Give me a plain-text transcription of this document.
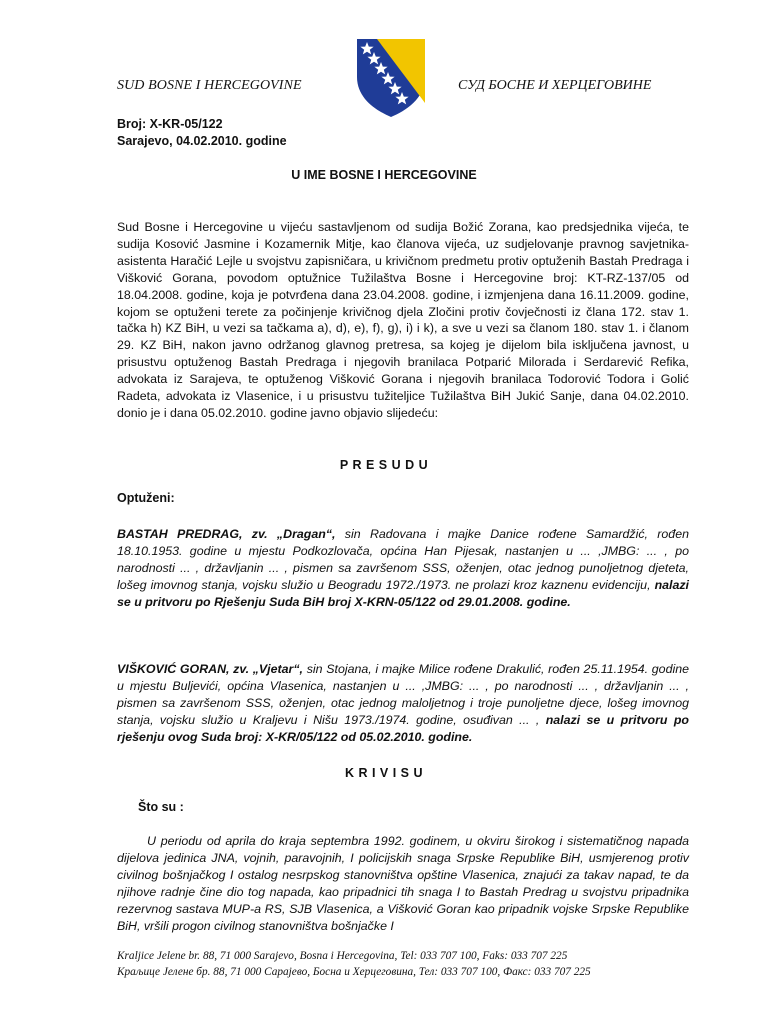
SUD BOSNE I HERCEGOVINE	СУД БОСНЕ И ХЕРЦЕГОВИНЕ
Broj: X-KR-05/122
Sarajevo, 04.02.2010. godine
U IME BOSNE I HERCEGOVINE
Sud Bosne i Hercegovine u vijeću sastavljenom od sudija Božić Zorana, kao predsjednika vijeća, te sudija Kosović Jasmine i Kozamernik Mitje, kao članova vijeća, uz sudjelovanje pravnog savjetnika- asistenta Haračić Lejle u svojstvu zapisničara, u krivičnom predmetu protiv optuženih Bastah Predraga i Višković Gorana, povodom optužnice Tužilaštva Bosne i Hercegovine broj: KT-RZ-137/05 od 18.04.2008. godine, koja je potvrđena dana 23.04.2008. godine, i izmjenjena dana 16.11.2009. godine, kojom se optuženi terete za počinjenje krivičnog djela Zločini protiv čovječnosti iz člana 172. stav 1. tačka h) KZ BiH, u vezi sa tačkama a), d), e), f), g), i) i k), a sve u vezi sa članom 180. stav 1. i članom 29. KZ BiH, nakon javno održanog glavnog pretresa, sa kojeg je dijelom bila isključena javnost, u prisustvu optuženog Bastah Predraga i njegovih branilaca Potparić Milorada i Serdarević Refika, advokata iz Sarajeva, te optuženog Višković Gorana i njegovih branilaca Todorović Todora i Golić Radeta, advokata iz Vlasenice, i u prisustvu tužiteljice Tužilaštva BiH Jukić Sanje, dana 04.02.2010. donio je i dana 05.02.2010. godine javno objavio slijedeću:
P R E S U D U
Optuženi:
BASTAH PREDRAG, zv. „Dragan“, sin Radovana i majke Danice rođene Samardžić, rođen 18.10.1953. godine u mjestu Podkozlovača, općina Han Pijesak, nastanjen u ... ,JMBG: ... , po narodnosti ... , državljanin ... , pismen sa završenom SSS, oženjen, otac jednog punoljetnog djeteta, lošeg imovnog stanja, vojsku služio u Beogradu 1972./1973. ne prolazi kroz kaznenu evidenciju, nalazi se u pritvoru po Rješenju Suda BiH broj X-KRN-05/122 od 29.01.2008. godine.
VIŠKOVIĆ GORAN, zv. „Vjetar“, sin Stojana, i majke Milice rođene Drakulić, rođen 25.11.1954. godine u mjestu Buljevići, općina Vlasenica, nastanjen u ... ,JMBG: ... , po narodnosti ... , državljanin ... , pismen sa završenom SSS, oženjen, otac jednog maloljetnog i troje punoljetne djece, lošeg imovnog stanja, vojsku služio u Kraljevu i Nišu 1973./1974. godine, osuđivan ... , nalazi se u pritvoru po rješenju ovog Suda broj: X-KR/05/122 od 05.02.2010. godine.
K R I V I S U
Što su :
U periodu od aprila do kraja septembra 1992. godinem, u okviru širokog i sistematičnog napada dijelova jedinica JNA, vojnih, paravojnih, I policijskih snaga Srpske Republike BiH, usmjerenog protiv civilnog bošnjačkog I ostalog nesrpskog stanovništva opštine Vlasenica, znajući za takav napad, te da njihove radnje čine dio tog napada, kao pripadnici tih snaga I to Bastah Predrag u svojstvu pripadnika rezervnog sastava MUP-a RS, SJB Vlasenica, a Višković Goran kao pripadnik vojske Srpske Republike BiH, vršili progon civilnog stanovništva bošnjačke I
Kraljice Jelene br. 88, 71 000 Sarajevo, Bosna i Hercegovina, Tel: 033 707 100, Faks: 033 707 225
Краљице Јелене бр. 88, 71 000 Сарајево, Босна и Херцеговина, Тел: 033 707 100, Факс: 033 707 225
